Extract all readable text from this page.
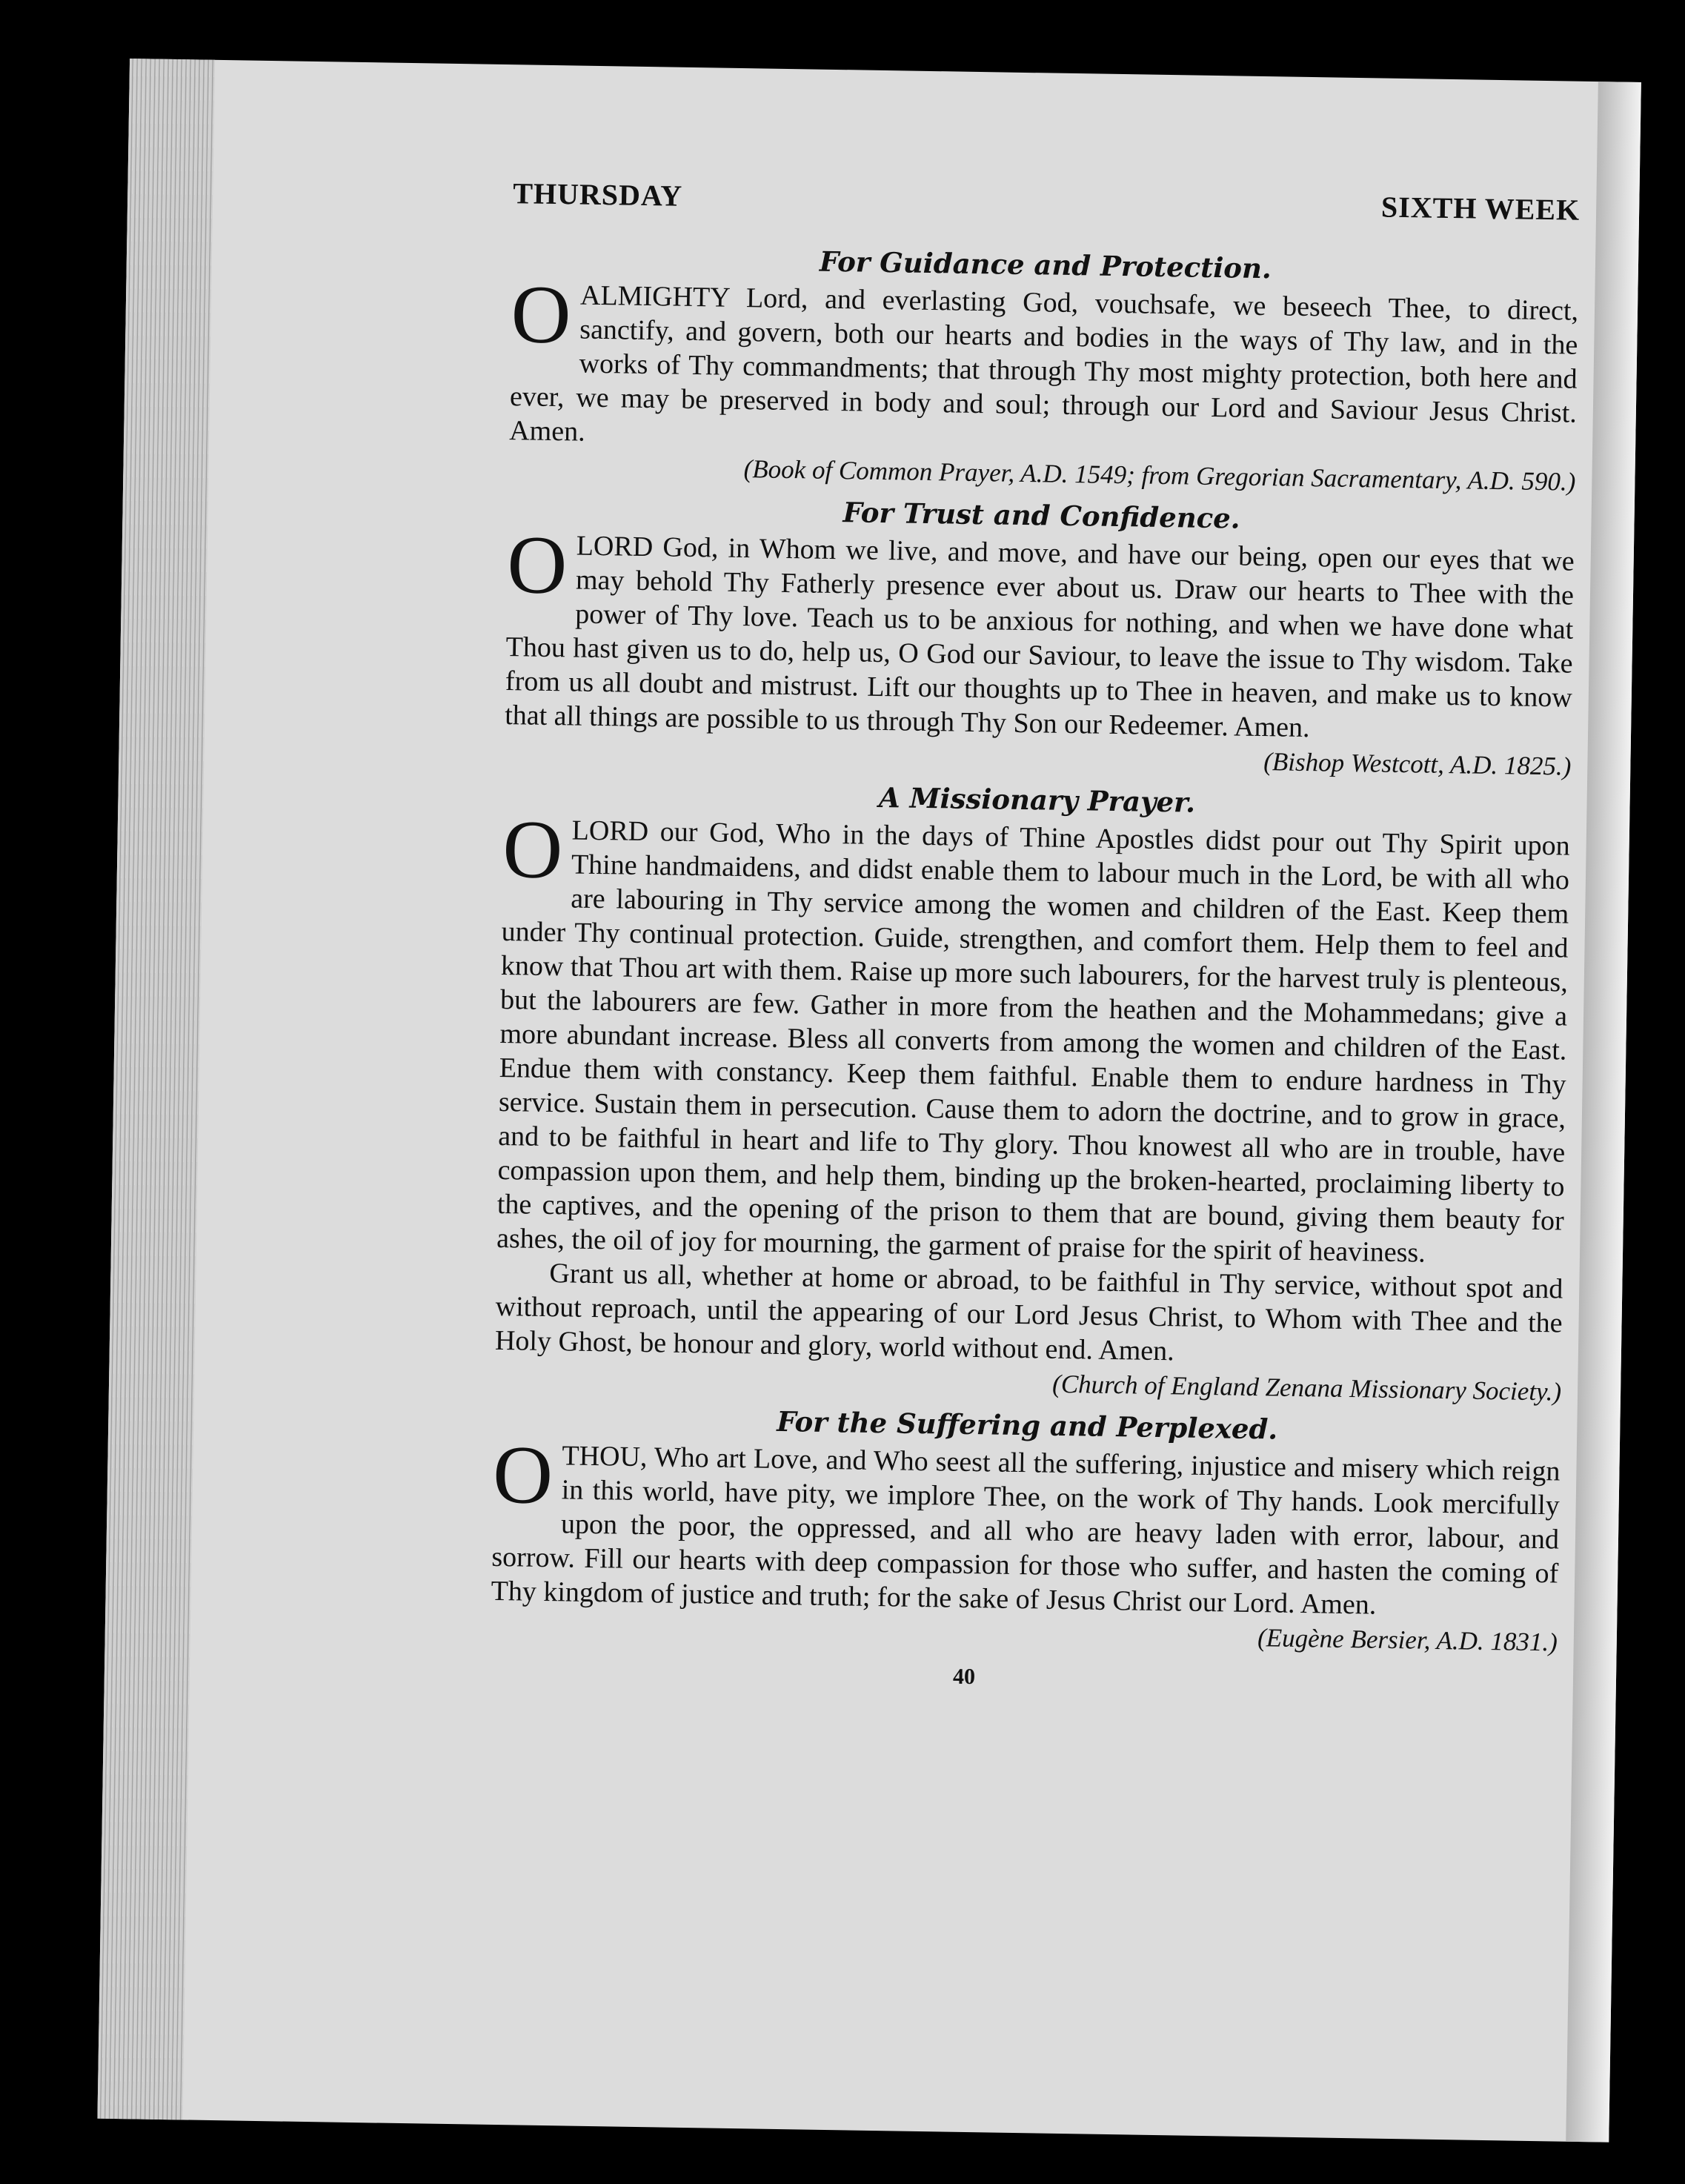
THURSDAY	SIXTH WEEK
For Guidance and Protection.

OALMIGHTY Lord, and everlasting God, vouchsafe, we beseech Thee, to direct, sanctify, and govern, both our hearts and bodies in the ways of Thy law, and in the works of Thy commandments; that through Thy most mighty protection, both here and ever, we may be preserved in body and soul; through our Lord and Saviour Jesus Christ. Amen.

(Book of Common Prayer, A.D. 1549; from Gregorian Sacramentary, A.D. 590.)
For Trust and Confidence.

OLORD God, in Whom we live, and move, and have our being, open our eyes that we may behold Thy Fatherly presence ever about us. Draw our hearts to Thee with the power of Thy love. Teach us to be anxious for nothing, and when we have done what Thou hast given us to do, help us, O God our Saviour, to leave the issue to Thy wisdom. Take from us all doubt and mistrust. Lift our thoughts up to Thee in heaven, and make us to know that all things are possible to us through Thy Son our Redeemer. Amen.

(Bishop Westcott, A.D. 1825.)
A Missionary Prayer.

OLORD our God, Who in the days of Thine Apostles didst pour out Thy Spirit upon Thine handmaidens, and didst enable them to labour much in the Lord, be with all who are labouring in Thy service among the women and children of the East. Keep them under Thy continual protection. Guide, strengthen, and comfort them. Help them to feel and know that Thou art with them. Raise up more such labourers, for the harvest truly is plenteous, but the labourers are few. Gather in more from the heathen and the Mohammedans; give a more abundant increase. Bless all converts from among the women and children of the East. Endue them with constancy. Keep them faithful. Enable them to endure hardness in Thy service. Sustain them in persecution. Cause them to adorn the doctrine, and to grow in grace, and to be faithful in heart and life to Thy glory. Thou knowest all who are in trouble, have compassion upon them, and help them, binding up the broken-hearted, proclaiming liberty to the captives, and the opening of the prison to them that are bound, giving them beauty for ashes, the oil of joy for mourning, the garment of praise for the spirit of heaviness.

Grant us all, whether at home or abroad, to be faithful in Thy service, without spot and without reproach, until the appearing of our Lord Jesus Christ, to Whom with Thee and the Holy Ghost, be honour and glory, world without end. Amen.

(Church of England Zenana Missionary Society.)
For the Suffering and Perplexed.

OTHOU, Who art Love, and Who seest all the suffering, injustice and misery which reign in this world, have pity, we implore Thee, on the work of Thy hands. Look mercifully upon the poor, the oppressed, and all who are heavy laden with error, labour, and sorrow. Fill our hearts with deep compassion for those who suffer, and hasten the coming of Thy kingdom of justice and truth; for the sake of Jesus Christ our Lord. Amen.

(Eugène Bersier, A.D. 1831.)
40
